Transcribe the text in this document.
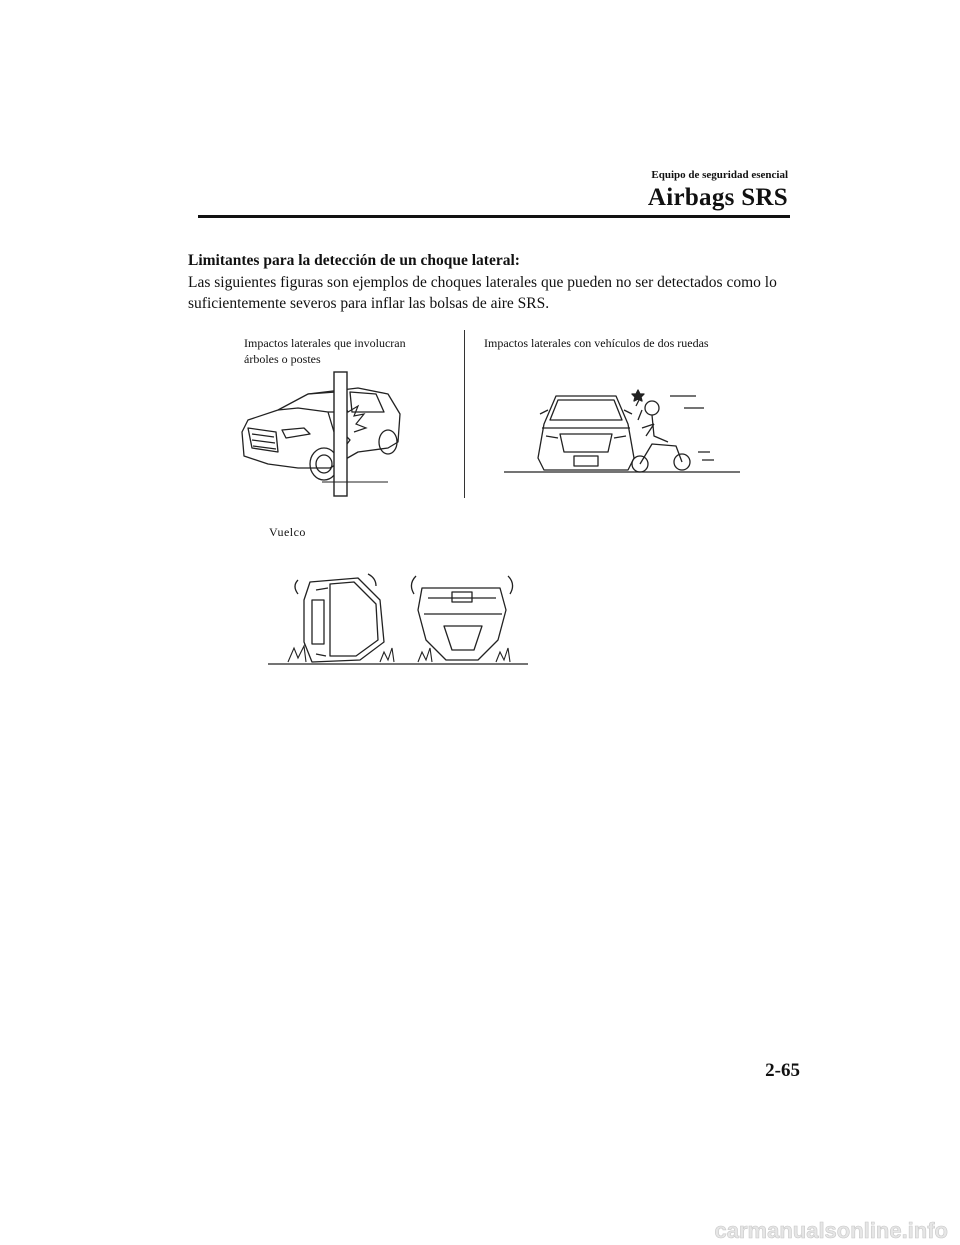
Equipo de seguridad esencial
Airbags SRS
Limitantes para la detección de un choque lateral:
Las siguientes figuras son ejemplos de choques laterales que pueden no ser detectados como lo suficientemente severos para inflar las bolsas de aire SRS.
Impactos laterales que involucran
árboles o postes
Impactos laterales con vehículos de dos ruedas
Vuelco
2-65
carmanualsonline.info
